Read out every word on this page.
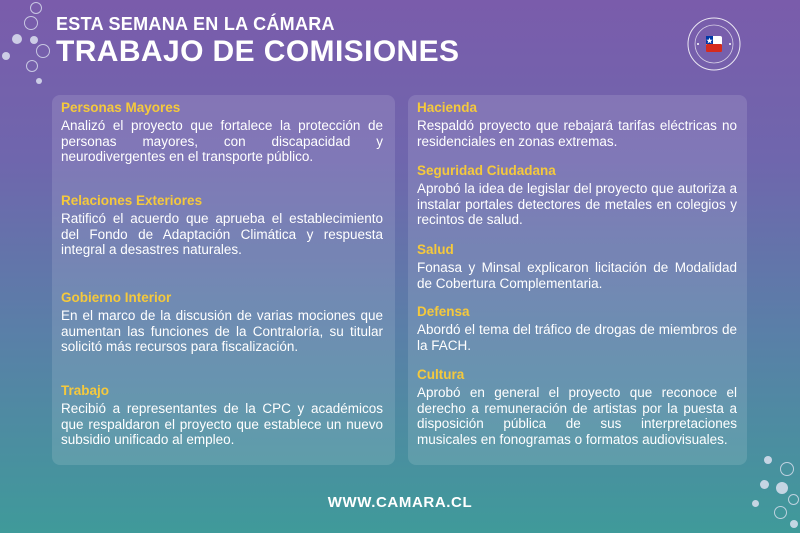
ESTA SEMANA EN LA CÁMARA
TRABAJO DE COMISIONES
Personas Mayores
Analizó el proyecto que fortalece la protección de personas mayores, con discapacidad y neurodivergentes en el transporte público.
Relaciones Exteriores
Ratificó el acuerdo que aprueba el establecimiento del Fondo de Adaptación Climática y respuesta integral a desastres naturales.
Gobierno Interior
En el marco de la discusión de varias mociones que aumentan las funciones de la Contraloría, su titular solicitó más recursos para fiscalización.
Trabajo
Recibió a representantes de la CPC y académicos que respaldaron el proyecto que establece un nuevo subsidio unificado al empleo.
Hacienda
Respaldó proyecto que rebajará tarifas eléctricas no residenciales en zonas extremas.
Seguridad Ciudadana
Aprobó la idea de legislar del proyecto que autoriza a instalar portales detectores de metales en colegios y recintos de salud.
Salud
Fonasa y Minsal explicaron licitación de Modalidad de Cobertura Complementaria.
Defensa
Abordó el tema del tráfico de drogas de miembros de la FACH.
Cultura
Aprobó en general el proyecto que reconoce el derecho a remuneración de artistas por la puesta a disposición pública de sus interpretaciones musicales en fonogramas o formatos audiovisuales.
WWW.CAMARA.CL
